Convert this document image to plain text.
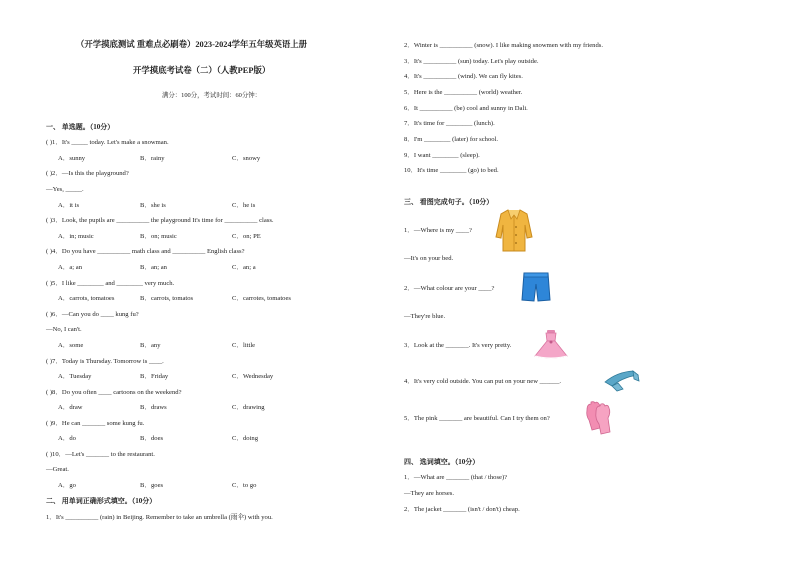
（开学摸底测试 重难点必刷卷）2023-2024学年五年级英语上册
开学摸底考试卷（二）（人教PEP版）
满分：100分，考试时间：60分钟：
一、 单选题。（10分）
( )1．It's _____ today. Let's make a snowman.
A．sunny	B．rainy	C．snowy
( )2．—Is this the playground?
—Yes, _____.
A．it is	B．she is	C．he is
( )3．Look, the pupils are __________ the playground It's time for __________ class.
A．in; music	B．on; music	C．on; PE
( )4．Do you have __________ math class and __________ English class?
A．a; an	B．an; an	C．an; a
( )5．I like ________ and ________ very much.
A．carrots, tomatoes	B．carrots, tomatos	C．carrotes, tomatoes
( )6．—Can you do ____ kung fu?
—No, I can't.
A．some	B．any	C．little
( )7．Today is Thursday. Tomorrow is ____.
A．Tuesday	B．Friday	C．Wednesday
( )8．Do you often ____ cartoons on the weekend?
A．draw	B．draws	C．drawing
( )9．He can _______ some kung fu.
A．do	B．does	C．doing
( )10．—Let's _______ to the restaurant.
—Great.
A．go	B．goes	C．to go
二、 用单词正确形式填空。（10分）
1．It's __________ (rain) in Beijing. Remember to take an umbrella (雨伞) with you.
2．Winter is __________ (snow). I like making snowmen with my friends.
3．It's __________ (sun) today. Let's play outside.
4．It's __________ (wind). We can fly kites.
5．Here is the __________ (world) weather.
6．It __________ (be) cool and sunny in Dali.
7．It's time for ________ (lunch).
8．I'm ________ (later) for school.
9．I want ________ (sleep).
10．It's time ________ (go) to bed.
三、 看图完成句子。（10分）
1．—Where is my ____?
—It's on your bed.
2．—What colour are your ____?
—They're blue.
3．Look at the _______. It's very pretty.
4．It's very cold outside. You can put on your new ______.
5．The pink _______ are beautiful. Can I try them on?
四、 选词填空。（10分）
1．—What are _______ (that / those)?
—They are horses.
2．The jacket _______ (isn't / don't) cheap.
